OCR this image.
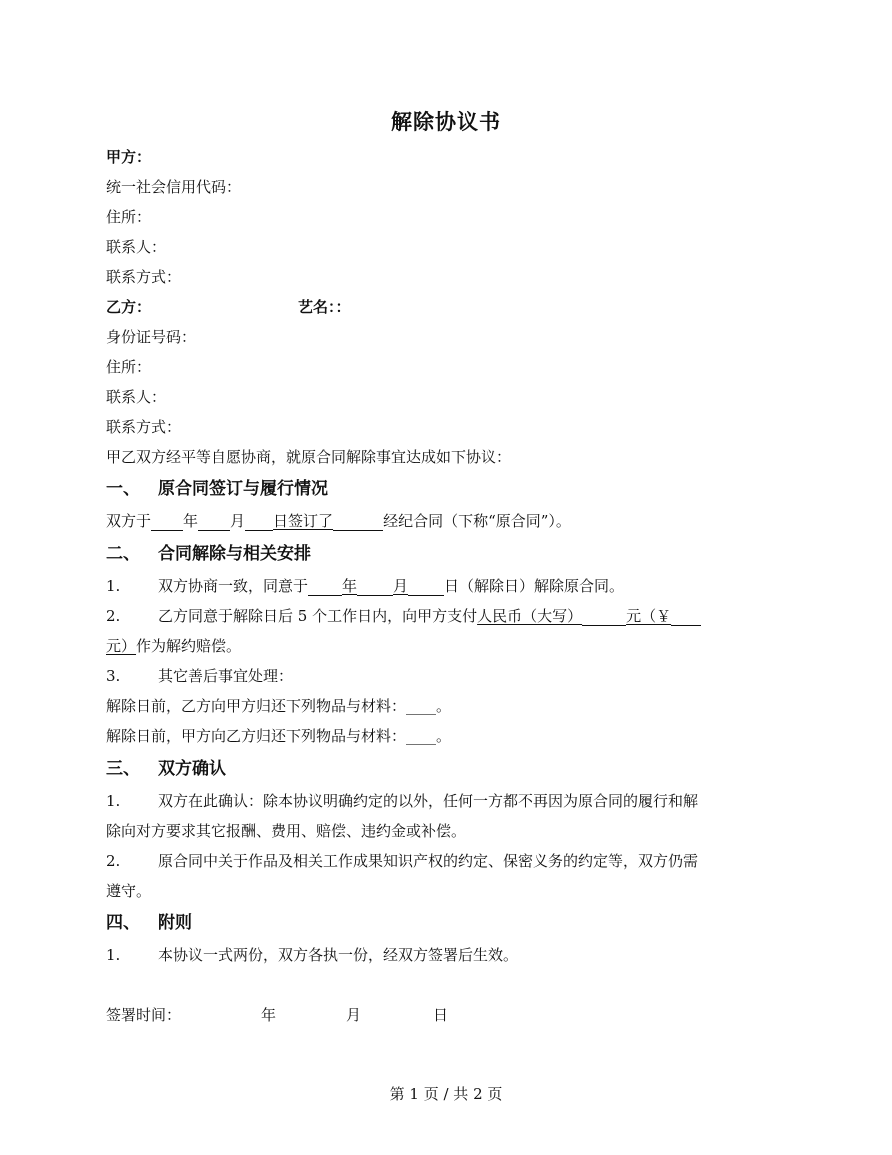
解除协议书
甲方：
统一社会信用代码：
住所：
联系人：
联系方式：
乙方：	艺名：：
身份证号码：
住所：
联系人：
联系方式：
甲乙双方经平等自愿协商，就原合同解除事宜达成如下协议：
一、 原合同签订与履行情况
双方于 年 月 日签订了	经纪合同（下称“原合同”）。
二、 合同解除与相关安排
1.	双方协商一致，同意于 年 月 日（解除日）解除原合同。
2.	乙方同意于解除日后 5 个工作日内，向甲方支付人民币（大写）	元（￥
元）作为解约赔偿。
3.	其它善后事宜处理：
解除日前，乙方向甲方归还下列物品与材料：____。
解除日前，甲方向乙方归还下列物品与材料：____。
三、 双方确认
1.	双方在此确认：除本协议明确约定的以外，任何一方都不再因为原合同的履行和解
除向对方要求其它报酬、费用、赔偿、违约金或补偿。
2.	原合同中关于作品及相关工作成果知识产权的约定、保密义务的约定等，双方仍需
遵守。
四、 附则
1.	本协议一式两份，双方各执一份，经双方签署后生效。
签署时间：	年	月	日
第 1 页 / 共 2 页
